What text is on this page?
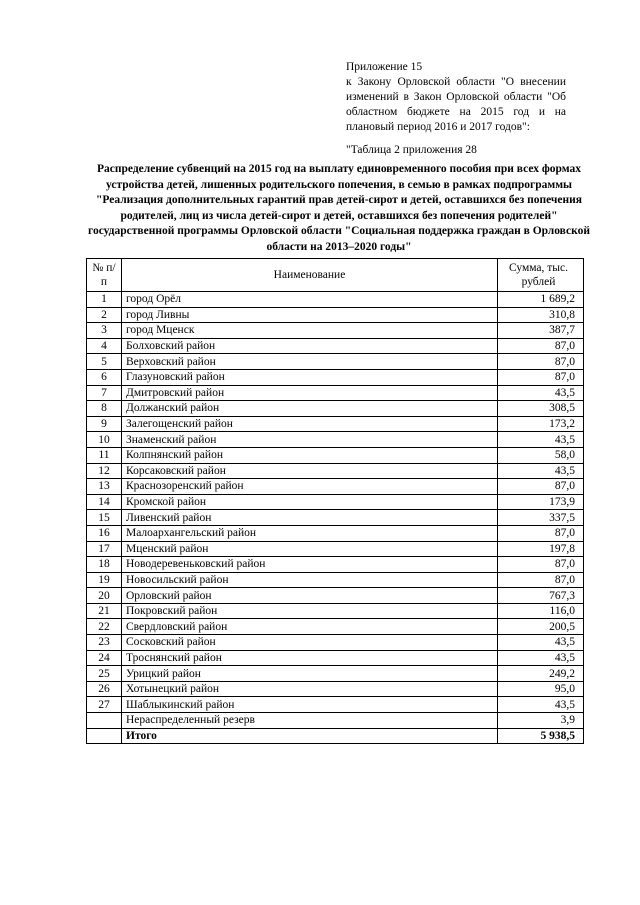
Приложение 15
к Закону Орловской области "О внесении изменений в Закон Орловской области "Об областном бюджете на 2015 год и на плановый период 2016 и 2017 годов":
"Таблица 2 приложения 28
Распределение субвенций на 2015 год на выплату единовременного пособия при всех формах устройства детей, лишенных родительского попечения, в семью в рамках подпрограммы "Реализация дополнительных гарантий прав детей-сирот и детей, оставшихся без попечения родителей, лиц из числа детей-сирот и детей, оставшихся без попечения родителей" государственной программы Орловской области "Социальная поддержка граждан в Орловской области на 2013–2020 годы"
№ п/п	Наименование	Сумма, тыс. рублей
1	город Орёл	1 689,2
2	город Ливны	310,8
3	город Мценск	387,7
4	Болховский район	87,0
5	Верховский район	87,0
6	Глазуновский район	87,0
7	Дмитровский район	43,5
8	Должанский район	308,5
9	Залегощенский район	173,2
10	Знаменский район	43,5
11	Колпнянский район	58,0
12	Корсаковский район	43,5
13	Краснозоренский район	87,0
14	Кромской район	173,9
15	Ливенский район	337,5
16	Малоархангельский район	87,0
17	Мценский район	197,8
18	Новодеревеньковский район	87,0
19	Новосильский район	87,0
20	Орловский район	767,3
21	Покровский район	116,0
22	Свердловский район	200,5
23	Сосковский район	43,5
24	Троснянский район	43,5
25	Урицкий район	249,2
26	Хотынецкий район	95,0
27	Шаблыкинский район	43,5
	Нераспределенный резерв	3,9
	Итого	5 938,5
